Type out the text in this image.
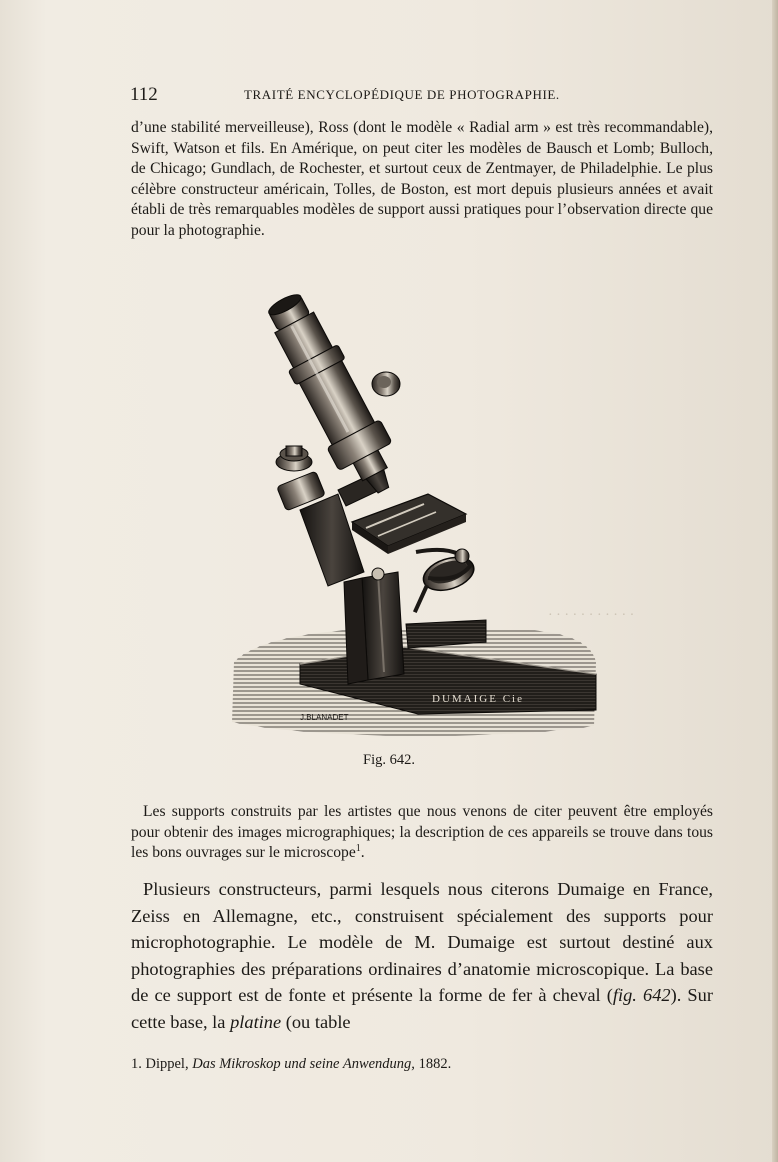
112	TRAITÉ ENCYCLOPÉDIQUE DE PHOTOGRAPHIE.

d’une stabilité merveilleuse), Ross (dont le modèle « Radial arm » est très recommandable), Swift, Watson et fils. En Amérique, on peut citer les modèles de Bausch et Lomb; Bulloch, de Chicago; Gundlach, de Rochester, et surtout ceux de Zentmayer, de Philadelphie. Le plus célèbre constructeur américain, Tolles, de Boston, est mort depuis plusieurs années et avait établi de très remarquables modèles de support aussi pratiques pour l’observation directe que pour la photographie.

· · · · · · · · · · ·
DUMAIGE Cie
J.BLANADET
Fig. 642.

Les supports construits par les artistes que nous venons de citer peuvent être employés pour obtenir des images micrographiques; la description de ces appareils se trouve dans tous les bons ouvrages sur le microscope$^1$.

Plusieurs constructeurs, parmi lesquels nous citerons Dumaige en France, Zeiss en Allemagne, etc., construisent spécialement des supports pour microphotographie. Le modèle de M. Dumaige est surtout destiné aux photographies des préparations ordinaires d’anatomie microscopique. La base de ce support est de fonte et présente la forme de fer à cheval (fig. 642). Sur cette base, la platine (ou table

1. Dippel, Das Mikroskop und seine Anwendung, 1882.
